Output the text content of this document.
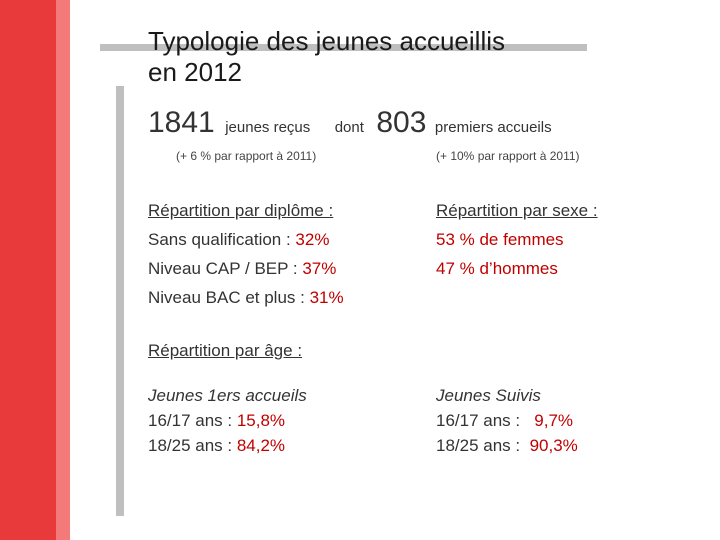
Typologie des jeunes accueillis
en 2012
1841 jeunes reçus dont 803 premiers accueils
(+ 6 % par rapport à 2011)	(+ 10% par rapport à 2011)
Répartition par diplôme :
Sans qualification : 32%
Niveau CAP / BEP : 37%
Niveau BAC et plus : 31%
Répartition par sexe :
53 % de femmes
47 % d’hommes
Répartition par âge :
Jeunes 1ers accueils
16/17 ans : 15,8%
18/25 ans : 84,2%
Jeunes Suivis
16/17 ans :   9,7%
18/25 ans :  90,3%
